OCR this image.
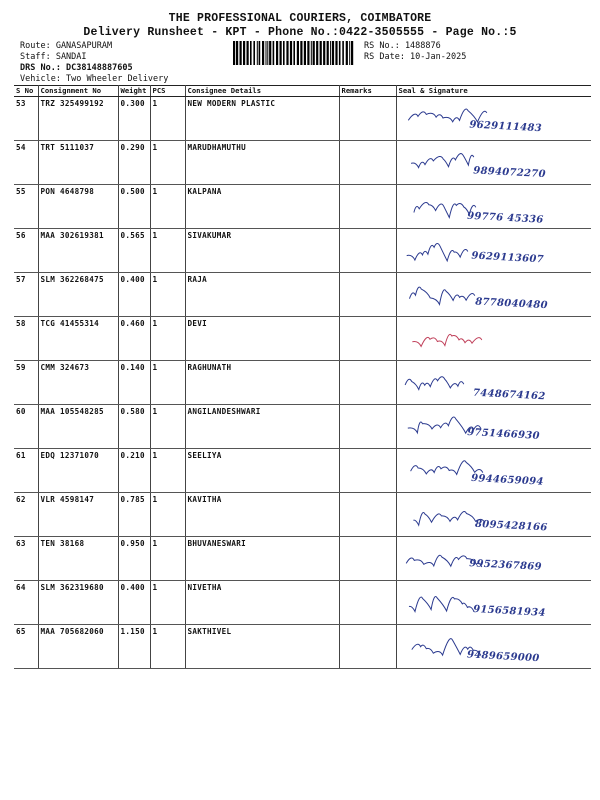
THE PROFESSIONAL COURIERS, COIMBATORE
Delivery Runsheet - KPT - Phone No.:0422-3505555 - Page No.:5
Route: GANASAPURAM
Staff: SANDAI
DRS No.: DC38148887605
Vehicle: Two Wheeler Delivery
RS No.: 1488876
RS Date: 10-Jan-2025
S No	Consignment No	Weight	PCS	Consignee Details	Remarks	Seal & Signature
53	TRZ 325499192	0.300	1	NEW MODERN PLASTIC		9629111483

54	TRT 5111037	0.290	1	MARUDHAMUTHU		9894072270

55	PON 4648798	0.500	1	KALPANA		99776 45336

56	MAA 302619381	0.565	1	SIVAKUMAR		9629113607

57	SLM 362268475	0.400	1	RAJA		8778040480

58	TCG 41455314	0.460	1	DEVI		

59	CMM 324673	0.140	1	RAGHUNATH		7448674162

60	MAA 105548285	0.580	1	ANGILANDESHWARI		9751466930

61	EDQ 12371070	0.210	1	SEELIYA		9944659094

62	VLR 4598147	0.785	1	KAVITHA		8095428166

63	TEN 38168	0.950	1	BHUVANESWARI		9952367869

64	SLM 362319680	0.400	1	NIVETHA		9156581934

65	MAA 705682060	1.150	1	SAKTHIVEL		9489659000
